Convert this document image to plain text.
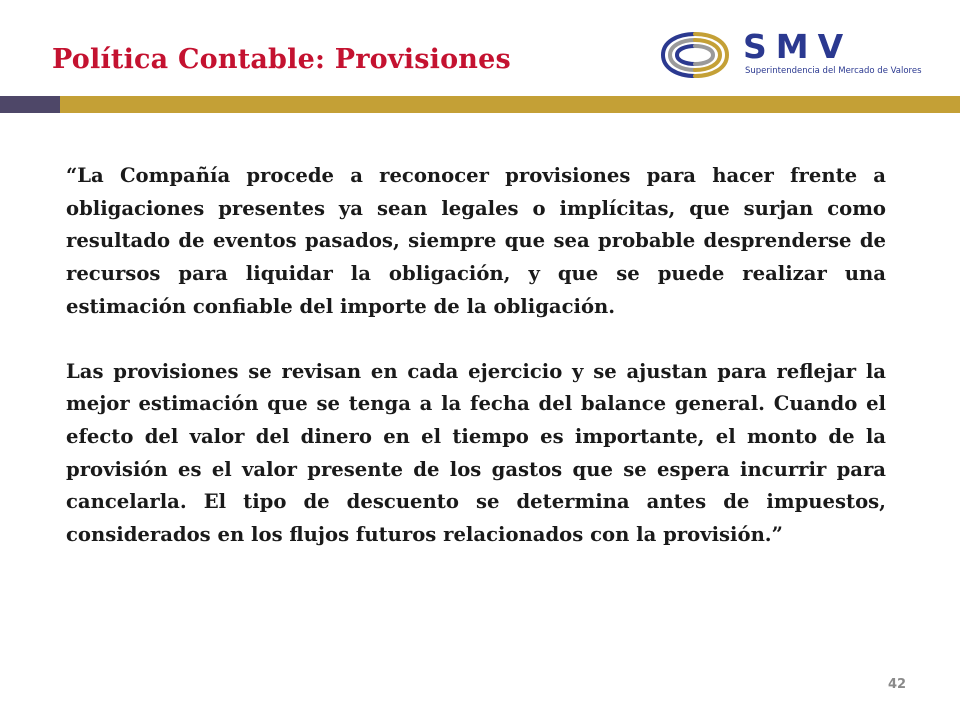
Política Contable: Provisiones	SMV
Superintendencia del Mercado de Valores

“La Compañía procede a reconocer provisiones para hacer frente a obligaciones presentes ya sean legales o implícitas, que surjan como resultado de eventos pasados, siempre que sea probable desprenderse de recursos para liquidar la obligación, y que se puede realizar una estimación confiable del importe de la obligación.

Las provisiones se revisan en cada ejercicio y se ajustan para reflejar la mejor estimación que se tenga a la fecha del balance general. Cuando el efecto del valor del dinero en el tiempo es importante, el monto de la provisión es el valor presente de los gastos que se espera incurrir para cancelarla. El tipo de descuento se determina antes de impuestos, considerados en los flujos futuros relacionados con la provisión.”

42
